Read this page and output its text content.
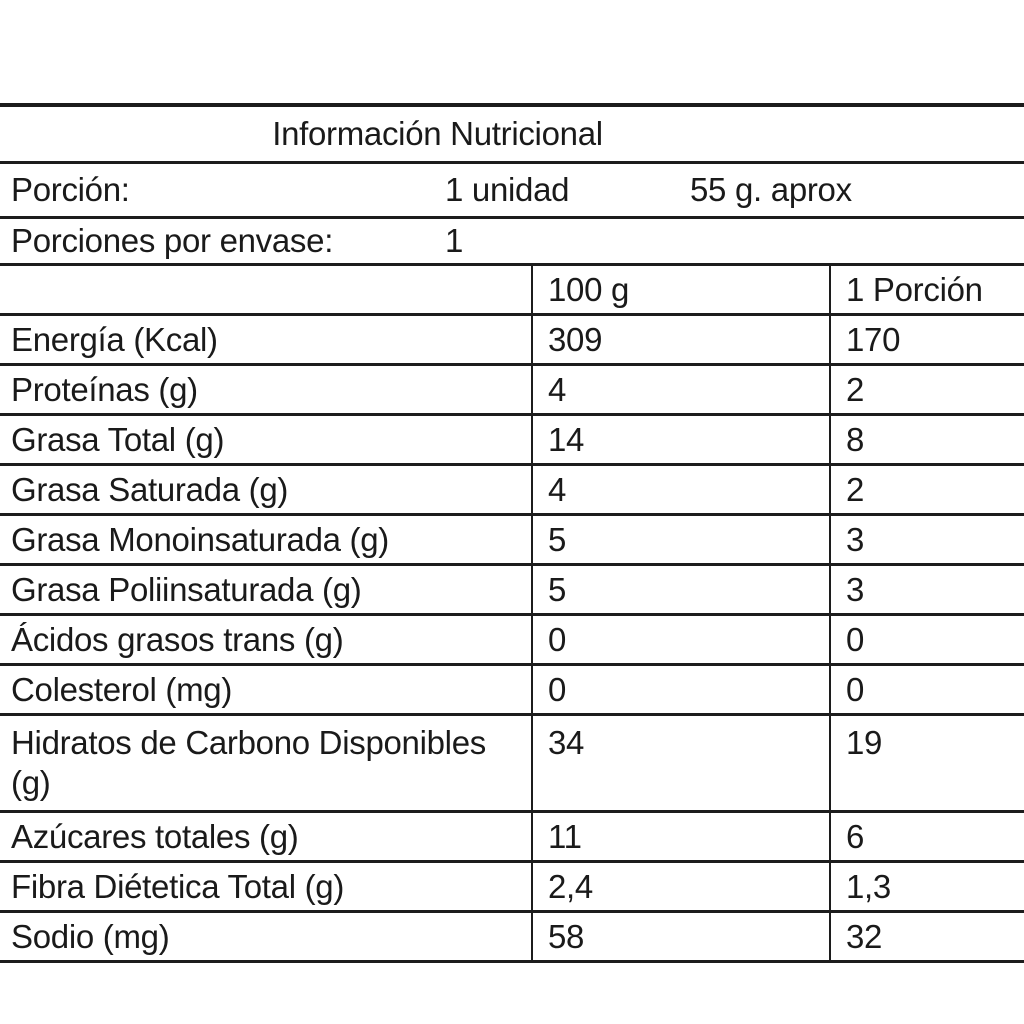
Información Nutricional
Porción:	1 unidad	55 g. aprox
Porciones por envase:	1
	100 g	1 Porción
Energía (Kcal)	309	170
Proteínas (g)	4	2
Grasa Total (g)	14	8
Grasa Saturada (g)	4	2
Grasa Monoinsaturada (g)	5	3
Grasa Poliinsaturada (g)	5	3
Ácidos grasos trans (g)	0	0
Colesterol (mg)	0	0
Hidratos de Carbono Disponibles (g)	34	19
Azúcares totales (g)	11	6
Fibra Diétetica Total (g)	2,4	1,3
Sodio (mg)	58	32
